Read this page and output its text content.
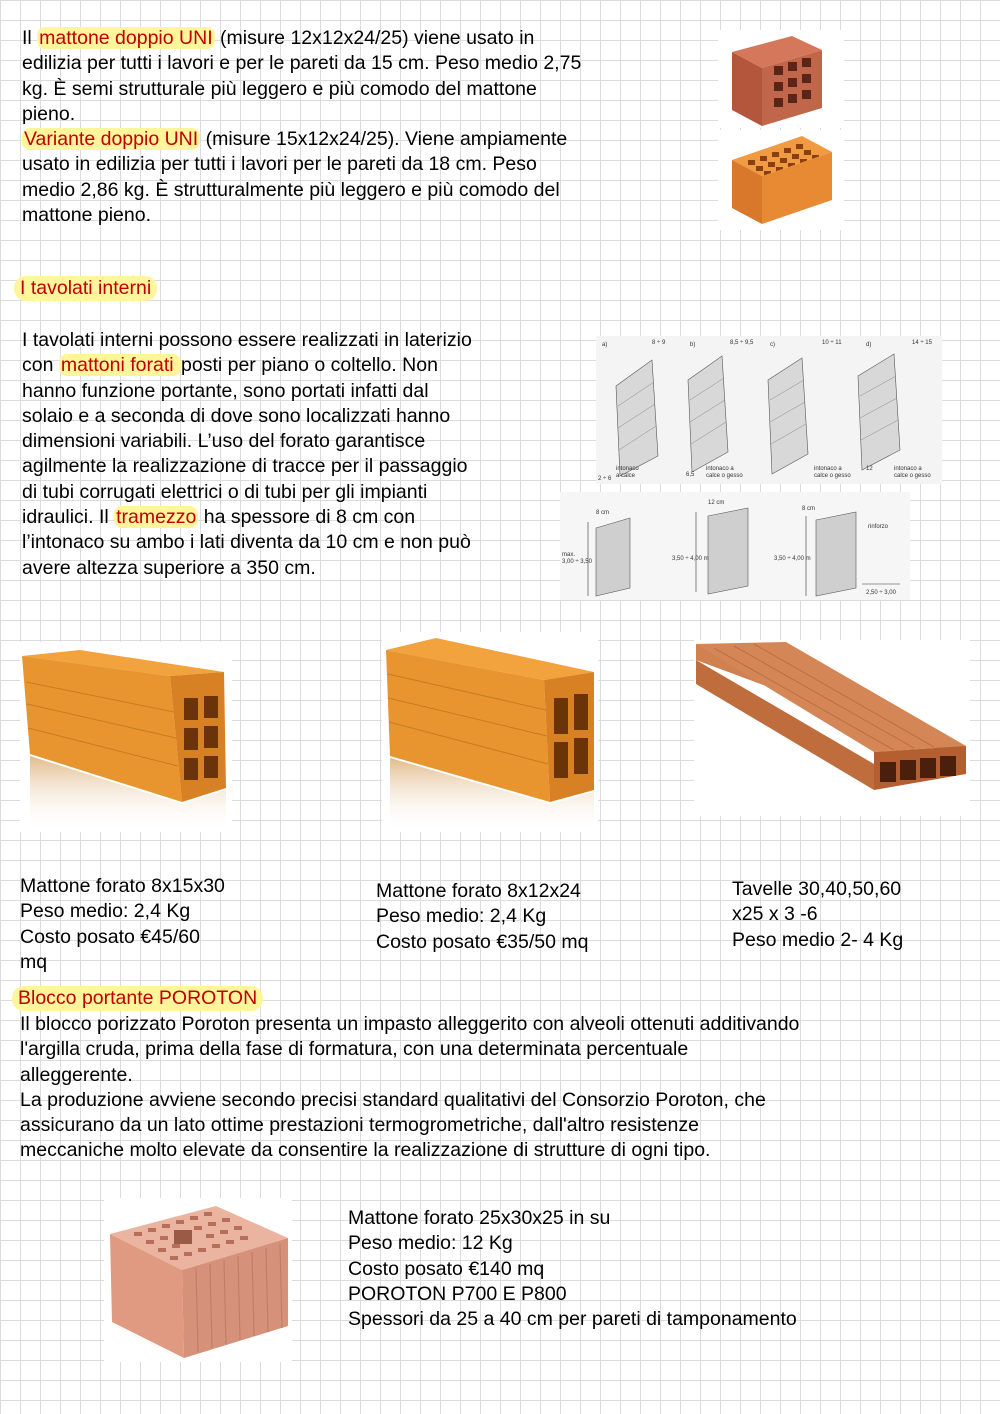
Il mattone doppio UNI (misure 12x12x24/25) viene usato in
edilizia per tutti i lavori e per le pareti da 15 cm. Peso medio 2,75
kg. È semi strutturale più leggero e più comodo del mattone
pieno.
Variante doppio UNI (misure 15x12x24/25). Viene ampiamente
usato in edilizia per tutti i lavori per le pareti da 18 cm. Peso
medio 2,86 kg. È strutturalmente più leggero e più comodo del
mattone pieno.
I tavolati interni
I tavolati interni possono essere realizzati in laterizio
con mattoni forati posti per piano o coltello. Non
hanno funzione portante, sono portati infatti dal
solaio e a seconda di dove sono localizzati hanno
dimensioni variabili. L’uso del forato garantisce
agilmente la realizzazione di tracce per il passaggio
di tubi corrugati elettrici o di tubi per gli impianti
idraulici. Il tramezzo ha spessore di 8 cm con
l’intonaco su ambo i lati diventa da 10 cm e non può
avere altezza superiore a 350 cm.
a)	b)	c)	d)
8 ÷ 9	8,5 ÷ 9,5	10 ÷ 11	14 ÷ 15
intonaco a calce
intonaco a calce o gesso
intonaco a calce o gesso
intonaco a calce o gesso
2 ÷ 6
6,5
12
8 cm
12 cm
8 cm
max. 3,00 ÷ 3,50	3,50 ÷ 4,00 m	3,50 ÷ 4,00 m
rinforzo
2,50 ÷ 3,00
Mattone forato 8x15x30
Peso medio: 2,4 Kg
Costo posato €45/60
mq
Mattone forato 8x12x24
Peso medio: 2,4 Kg
Costo posato €35/50 mq
Tavelle 30,40,50,60
x25 x 3 -6
Peso medio 2- 4 Kg
Blocco portante POROTON
Il blocco porizzato Poroton presenta un impasto alleggerito con alveoli ottenuti additivando
l'argilla cruda, prima della fase di formatura, con una determinata percentuale
alleggerente.
La produzione avviene secondo precisi standard qualitativi del Consorzio Poroton, che
assicurano da un lato ottime prestazioni termogrometriche, dall'altro resistenze
meccaniche molto elevate da consentire la realizzazione di strutture di ogni tipo.
Mattone forato 25x30x25 in su
Peso medio: 12 Kg
Costo posato €140 mq
POROTON P700 E P800
Spessori da 25 a 40 cm per pareti di tamponamento
